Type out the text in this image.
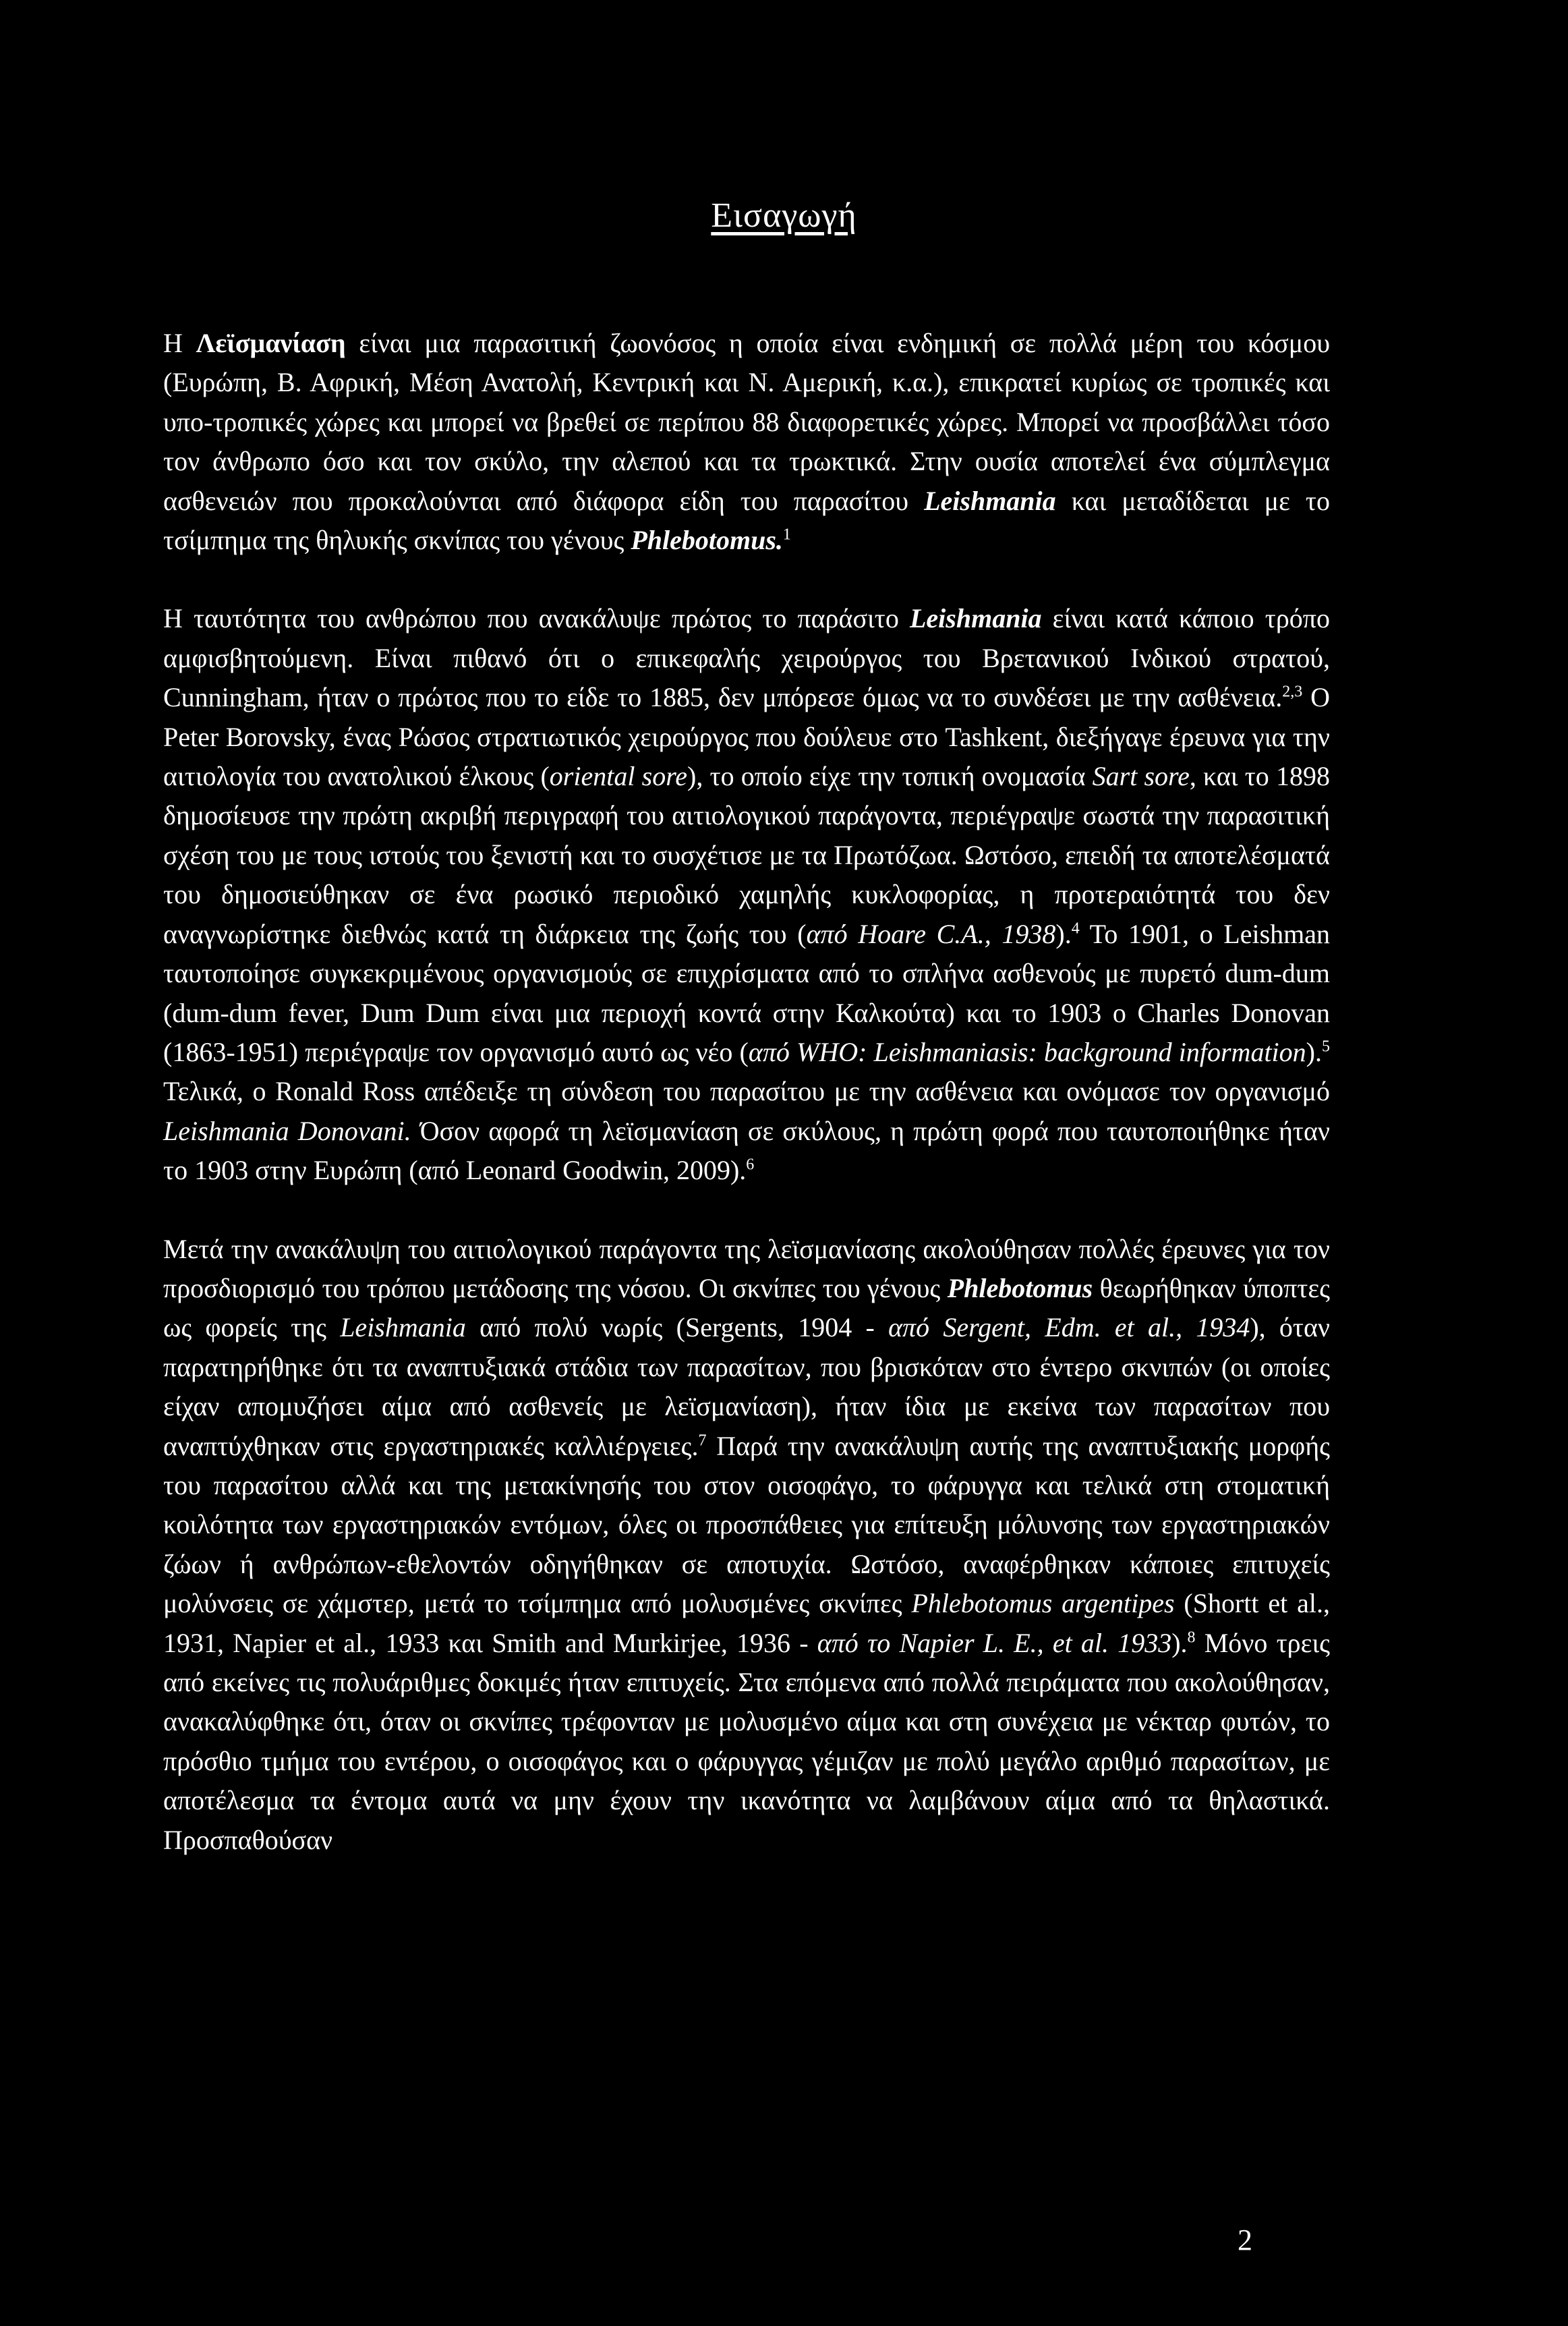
Εισαγωγή

Η Λεϊσμανίαση είναι μια παρασιτική ζωονόσος η οποία είναι ενδημική σε πολλά μέρη του κόσμου (Ευρώπη, Β. Αφρική, Μέση Ανατολή, Κεντρική και Ν. Αμερική, κ.α.), επικρατεί κυρίως σε τροπικές και υπο-τροπικές χώρες και μπορεί να βρεθεί σε περίπου 88 διαφορετικές χώρες. Μπορεί να προσβάλλει τόσο τον άνθρωπο όσο και τον σκύλο, την αλεπού και τα τρωκτικά. Στην ουσία αποτελεί ένα σύμπλεγμα ασθενειών που προκαλούνται από διάφορα είδη του παρασίτου Leishmania και μεταδίδεται με το τσίμπημα της θηλυκής σκνίπας του γένους Phlebotomus.$^1$

Η ταυτότητα του ανθρώπου που ανακάλυψε πρώτος το παράσιτο Leishmania είναι κατά κάποιο τρόπο αμφισβητούμενη. Είναι πιθανό ότι ο επικεφαλής χειρούργος του Βρετανικού Ινδικού στρατού, Cunningham, ήταν ο πρώτος που το είδε το 1885, δεν μπόρεσε όμως να το συνδέσει με την ασθένεια.$^{2,3}$ Ο Peter Borovsky, ένας Ρώσος στρατιωτικός χειρούργος που δούλευε στο Tashkent, διεξήγαγε έρευνα για την αιτιολογία του ανατολικού έλκους (oriental sore), το οποίο είχε την τοπική ονομασία Sart sore, και το 1898 δημοσίευσε την πρώτη ακριβή περιγραφή του αιτιολογικού παράγοντα, περιέγραψε σωστά την παρασιτική σχέση του με τους ιστούς του ξενιστή και το συσχέτισε με τα Πρωτόζωα. Ωστόσο, επειδή τα αποτελέσματά του δημοσιεύθηκαν σε ένα ρωσικό περιοδικό χαμηλής κυκλοφορίας, η προτεραιότητά του δεν αναγνωρίστηκε διεθνώς κατά τη διάρκεια της ζωής του (από Hoare C.A., 1938).$^4$ Το 1901, ο Leishman ταυτοποίησε συγκεκριμένους οργανισμούς σε επιχρίσματα από το σπλήνα ασθενούς με πυρετό dum-dum (dum-dum fever, Dum Dum είναι μια περιοχή κοντά στην Καλκούτα) και το 1903 ο Charles Donovan (1863-1951) περιέγραψε τον οργανισμό αυτό ως νέο (από WHO: Leishmaniasis: background information).$^5$ Τελικά, ο Ronald Ross απέδειξε τη σύνδεση του παρασίτου με την ασθένεια και ονόμασε τον οργανισμό Leishmania Donovani. Όσον αφορά τη λεϊσμανίαση σε σκύλους, η πρώτη φορά που ταυτοποιήθηκε ήταν το 1903 στην Ευρώπη (από Leonard Goodwin, 2009).$^6$

Μετά την ανακάλυψη του αιτιολογικού παράγοντα της λεϊσμανίασης ακολούθησαν πολλές έρευνες για τον προσδιορισμό του τρόπου μετάδοσης της νόσου. Οι σκνίπες του γένους Phlebotomus θεωρήθηκαν ύποπτες ως φορείς της Leishmania από πολύ νωρίς (Sergents, 1904 - από Sergent, Edm. et al., 1934), όταν παρατηρήθηκε ότι τα αναπτυξιακά στάδια των παρασίτων, που βρισκόταν στο έντερο σκνιπών (οι οποίες είχαν απομυζήσει αίμα από ασθενείς με λεϊσμανίαση), ήταν ίδια με εκείνα των παρασίτων που αναπτύχθηκαν στις εργαστηριακές καλλιέργειες.$^7$ Παρά την ανακάλυψη αυτής της αναπτυξιακής μορφής του παρασίτου αλλά και της μετακίνησής του στον οισοφάγο, το φάρυγγα και τελικά στη στοματική κοιλότητα των εργαστηριακών εντόμων, όλες οι προσπάθειες για επίτευξη μόλυνσης των εργαστηριακών ζώων ή ανθρώπων-εθελοντών οδηγήθηκαν σε αποτυχία. Ωστόσο, αναφέρθηκαν κάποιες επιτυχείς μολύνσεις σε χάμστερ, μετά το τσίμπημα από μολυσμένες σκνίπες Phlebotomus argentipes (Shortt et al., 1931, Napier et al., 1933 και Smith and Murkirjee, 1936 - από το Napier L. E., et al. 1933).$^8$ Μόνο τρεις από εκείνες τις πολυάριθμες δοκιμές ήταν επιτυχείς. Στα επόμενα από πολλά πειράματα που ακολούθησαν, ανακαλύφθηκε ότι, όταν οι σκνίπες τρέφονταν με μολυσμένο αίμα και στη συνέχεια με νέκταρ φυτών, το πρόσθιο τμήμα του εντέρου, ο οισοφάγος και ο φάρυγγας γέμιζαν με πολύ μεγάλο αριθμό παρασίτων, με αποτέλεσμα τα έντομα αυτά να μην έχουν την ικανότητα να λαμβάνουν αίμα από τα θηλαστικά. Προσπαθούσαν

2
